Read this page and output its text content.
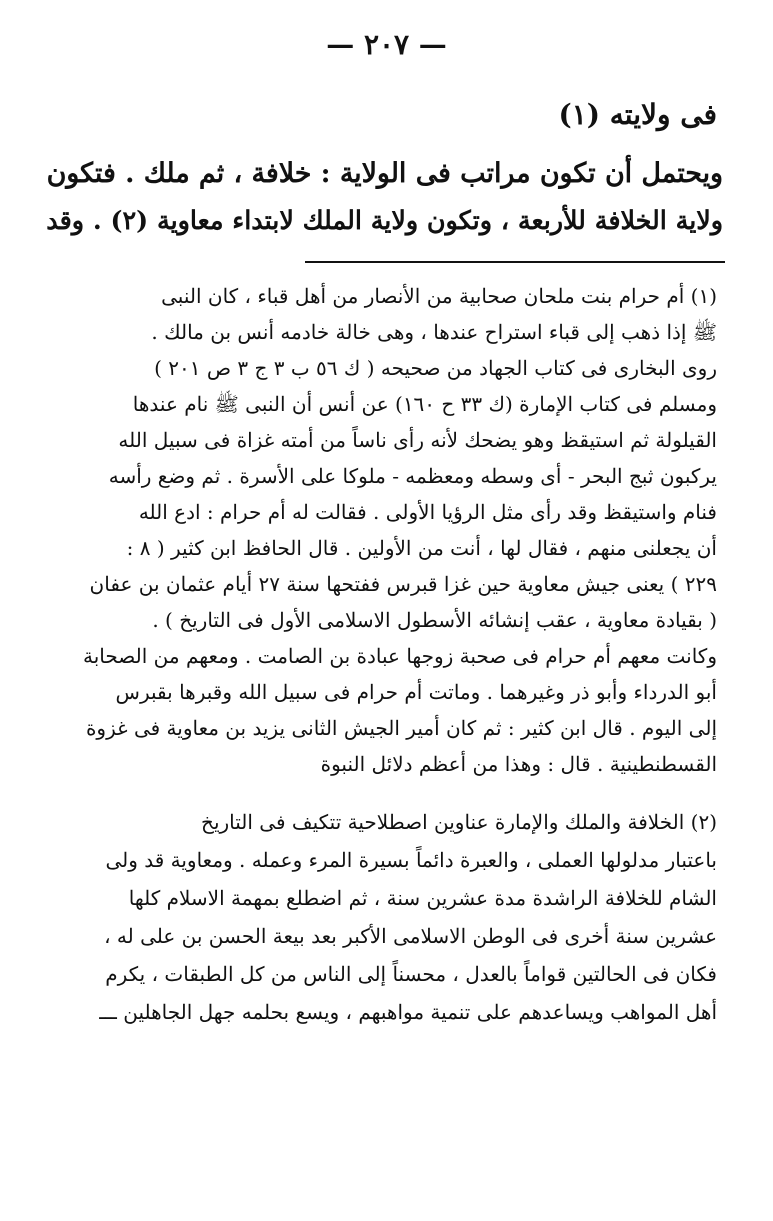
— ٢٠٧ —
فى ولايته (١)
ويحتمل أن تكون مراتب فى الولاية : خلافة ، ثم ملك . فتكون
ولاية الخلافة للأربعة ، وتكون ولاية الملك لابتداء معاوية (٢) . وقد
(١) أم حرام بنت ملحان صحابية من الأنصار من أهل قباء ، كان النبى
ﷺ إذا ذهب إلى قباء استراح عندها ، وهى خالة خادمه أنس بن مالك .
روى البخارى فى كتاب الجهاد من صحيحه ( ك ٥٦ ب ٣ ج ٣ ص ٢٠١ )
ومسلم فى كتاب الإمارة (ك ٣٣ ح ١٦٠) عن أنس أن النبى ﷺ نام عندها
القيلولة ثم استيقظ وهو يضحك لأنه رأى ناساً من أمته غزاة فى سبيل الله
يركبون ثبج البحر - أى وسطه ومعظمه - ملوكا على الأسرة . ثم وضع رأسه
فنام واستيقظ وقد رأى مثل الرؤيا الأولى . فقالت له أم حرام : ادع الله
أن يجعلنى منهم ، فقال لها ، أنت من الأولين . قال الحافظ ابن كثير ( ٨ :
٢٢٩ ) يعنى جيش معاوية حين غزا قبرس ففتحها سنة ٢٧ أيام عثمان بن عفان
( بقيادة معاوية ، عقب إنشائه الأسطول الاسلامى الأول فى التاريخ ) .
وكانت معهم أم حرام فى صحبة زوجها عبادة بن الصامت . ومعهم من الصحابة
أبو الدرداء وأبو ذر وغيرهما . وماتت أم حرام فى سبيل الله وقبرها بقبرس
إلى اليوم . قال ابن كثير : ثم كان أمير الجيش الثانى يزيد بن معاوية فى غزوة
القسطنطينية . قال : وهذا من أعظم دلائل النبوة
(٢) الخلافة والملك والإمارة عناوين اصطلاحية تتكيف فى التاريخ
باعتبار مدلولها العملى ، والعبرة دائماً بسيرة المرء وعمله . ومعاوية قد ولى
الشام للخلافة الراشدة مدة عشرين سنة ، ثم اضطلع بمهمة الاسلام كلها
عشرين سنة أخرى فى الوطن الاسلامى الأكبر بعد بيعة الحسن بن على له ،
فكان فى الحالتين قواماً بالعدل ، محسناً إلى الناس من كل الطبقات ، يكرم
أهل المواهب ويساعدهم على تنمية مواهبهم ، ويسع بحلمه جهل الجاهلين ـــ
